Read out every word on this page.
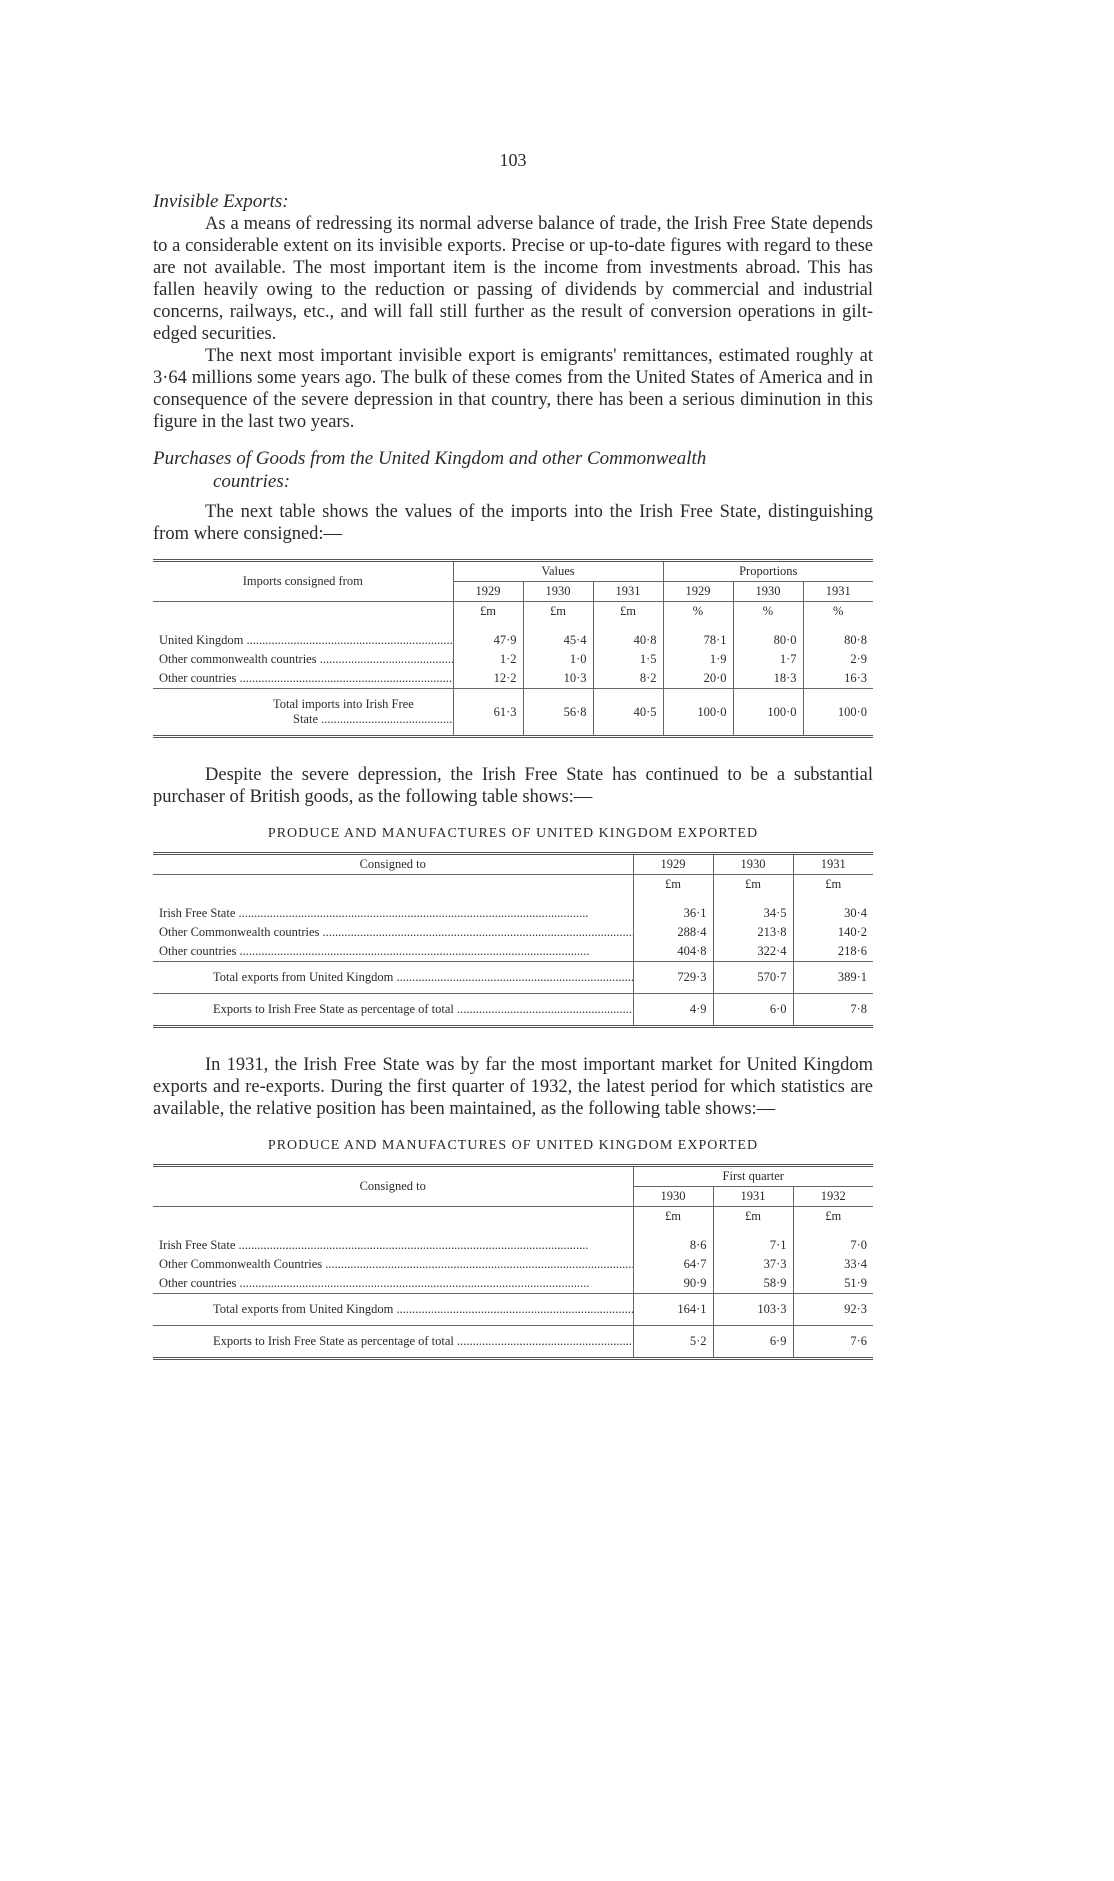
103
Invisible Exports:

As a means of redressing its normal adverse balance of trade, the Irish Free State depends to a considerable extent on its invisible exports. Precise or up-to-date figures with regard to these are not available. The most important item is the income from investments abroad. This has fallen heavily owing to the reduction or passing of dividends by commercial and industrial concerns, railways, etc., and will fall still further as the result of conversion operations in gilt-edged securities.

The next most important invisible export is emigrants' remittances, estimated roughly at 3·64 millions some years ago. The bulk of these comes from the United States of America and in consequence of the severe depression in that country, there has been a serious diminution in this figure in the last two years.

Purchases of Goods from the United Kingdom and other Commonwealth
countries:

The next table shows the values of the imports into the Irish Free State, distinguishing from where consigned:—

Imports consigned from	Values			Proportions		
	1929	1930	1931	1929	1930	1931
	£m	£m	£m	%	%	%

United Kingdom .....	47·9	45·4	40·8	78·1	80·0	80·8
Other commonwealth countries .....	1·2	1·0	1·5	1·9	1·7	2·9
Other countries .....	12·2	10·3	8·2	20·0	18·3	16·3

Total imports into Irish Free
State .....	61·3	56·8	40·5	100·0	100·0	100·0

Despite the severe depression, the Irish Free State has continued to be a substantial purchaser of British goods, as the following table shows:—

PRODUCE AND MANUFACTURES OF UNITED KINGDOM EXPORTED
Consigned to	1929	1930	1931
	£m	£m	£m

Irish Free State .....	36·1	34·5	30·4
Other Commonwealth countries .....	288·4	213·8	140·2
Other countries .....	404·8	322·4	218·6
Total exports from United Kingdom .....	729·3	570·7	389·1
Exports to Irish Free State as percentage of total .....	4·9	6·0	7·8

In 1931, the Irish Free State was by far the most important market for United Kingdom exports and re-exports. During the first quarter of 1932, the latest period for which statistics are available, the relative position has been maintained, as the following table shows:—

PRODUCE AND MANUFACTURES OF UNITED KINGDOM EXPORTED
Consigned to	First quarter		
	1930	1931	1932
	£m	£m	£m

Irish Free State .....	8·6	7·1	7·0
Other Commonwealth Countries .....	64·7	37·3	33·4
Other countries .....	90·9	58·9	51·9
Total exports from United Kingdom .....	164·1	103·3	92·3
Exports to Irish Free State as percentage of total .....	5·2	6·9	7·6
